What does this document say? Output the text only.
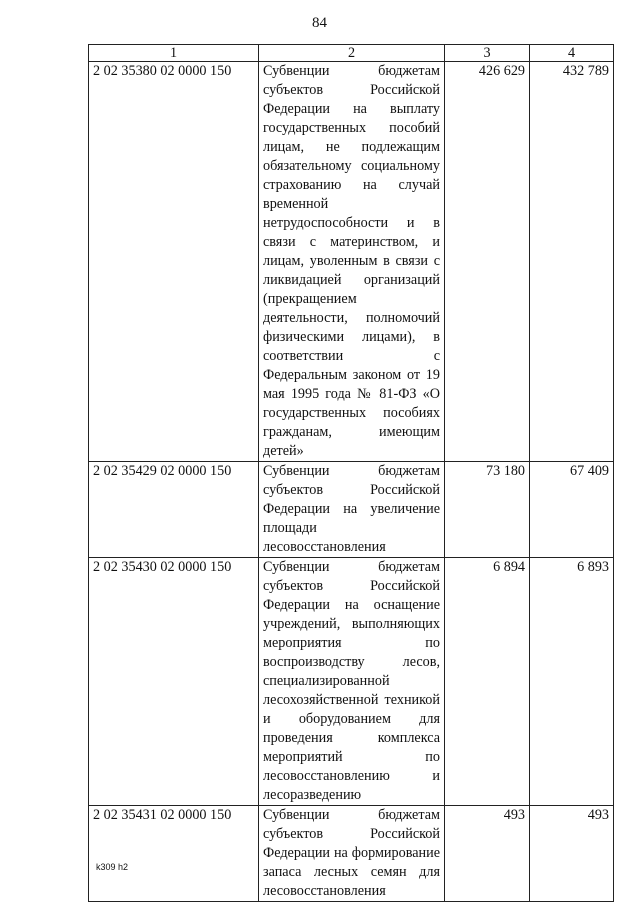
84
1	2	3	4
2 02 35380 02 0000 150	Субвенции бюджетам субъектов Российской Федерации на выплату государственных пособий лицам, не подлежащим обязательному социальному страхованию на случай временной нетрудоспособности и в связи с материнством, и лицам, уволенным в связи с ликвидацией организаций (прекращением деятельности, полномочий физическими лицами), в соответствии с Федеральным законом от 19 мая 1995 года № 81-ФЗ «О государственных пособиях гражданам, имеющим детей»	426 629	432 789
2 02 35429 02 0000 150	Субвенции бюджетам субъектов Российской Федерации на увеличение площади лесовосстановления	73 180	67 409
2 02 35430 02 0000 150	Субвенции бюджетам субъектов Российской Федерации на оснащение учреждений, выполняющих мероприятия по воспроизводству лесов, специализированной лесохозяйственной техникой и оборудованием для проведения комплекса мероприятий по лесовосстановлению и лесоразведению	6 894	6 893
2 02 35431 02 0000 150	Субвенции бюджетам субъектов Российской Федерации на формирование запаса лесных семян для лесовосстановления	493	493
k309 h2
